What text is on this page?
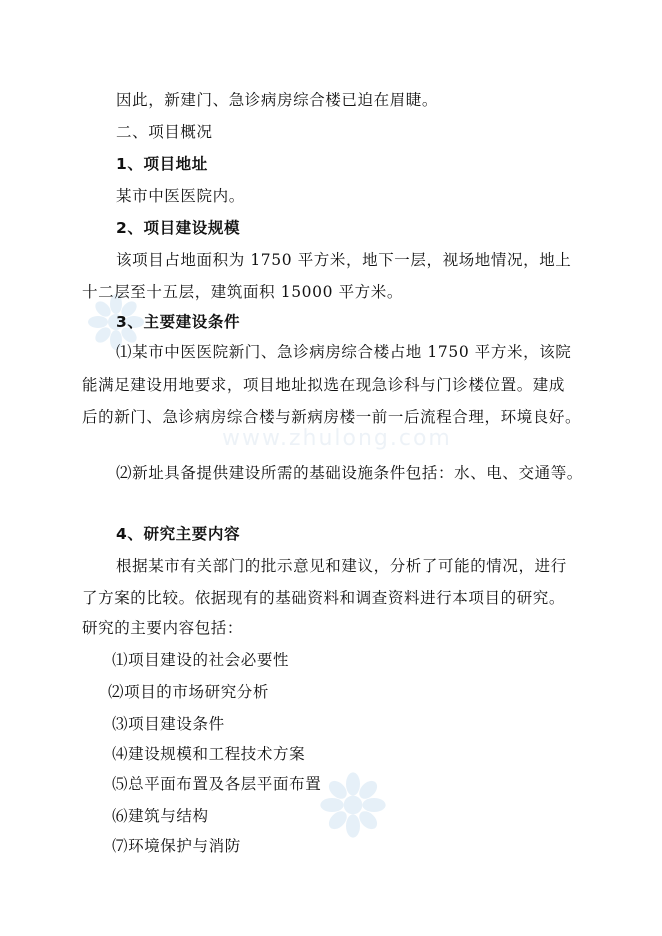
www.zhulong.com
因此，新建门、急诊病房综合楼已迫在眉睫。
二、项目概况
1、项目地址
某市中医医院内。
2、项目建设规模
该项目占地面积为 1750 平方米，地下一层，视场地情况，地上
十二层至十五层，建筑面积 15000 平方米。
3、主要建设条件
⑴某市中医医院新门、急诊病房综合楼占地 1750 平方米，该院
能满足建设用地要求，项目地址拟选在现急诊科与门诊楼位置。建成
后的新门、急诊病房综合楼与新病房楼一前一后流程合理，环境良好。
⑵新址具备提供建设所需的基础设施条件包括：水、电、交通等。
4、研究主要内容
根据某市有关部门的批示意见和建议，分析了可能的情况，进行
了方案的比较。依据现有的基础资料和调查资料进行本项目的研究。
研究的主要内容包括：
⑴项目建设的社会必要性
⑵项目的市场研究分析
⑶项目建设条件
⑷建设规模和工程技术方案
⑸总平面布置及各层平面布置
⑹建筑与结构
⑺环境保护与消防
